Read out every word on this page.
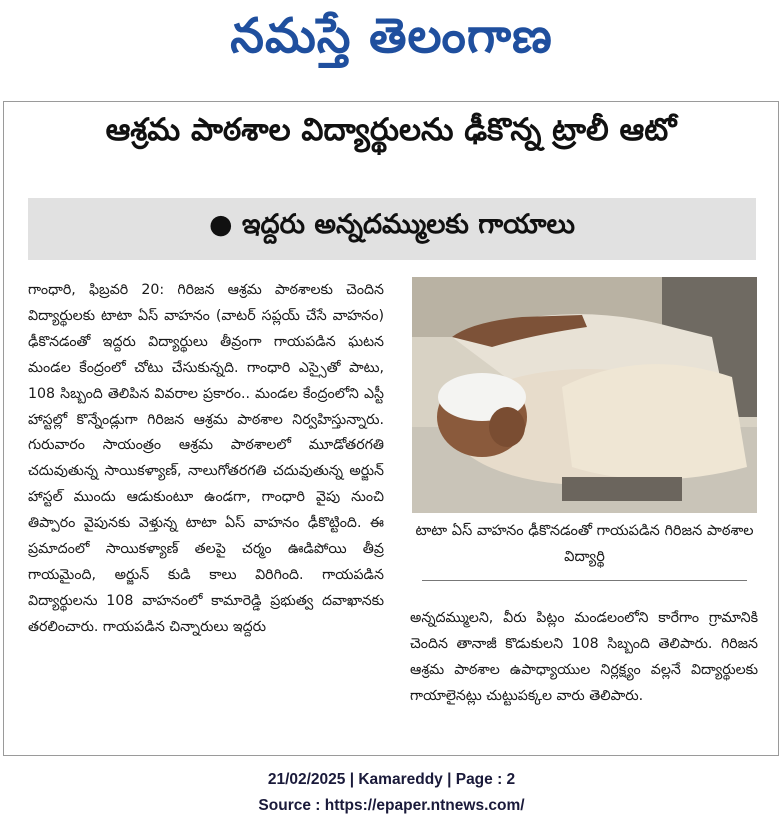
నమస్తే తెలంగాణ
ఆశ్రమ పాఠశాల విద్యార్థులను ఢీకొన్న ట్రాలీ ఆటో
● ఇద్దరు అన్నదమ్ములకు గాయాలు
గాంధారి, ఫిబ్రవరి 20: గిరిజన ఆశ్రమ పాఠశాలకు చెందిన విద్యార్థులకు టాటా ఏస్ వాహనం (వాటర్ సప్లయ్ చేసే వాహనం) ఢీకొనడంతో ఇద్దరు విద్యార్థులు తీవ్రంగా గాయపడిన ఘటన మండల కేంద్రంలో చోటు చేసుకున్నది. గాంధారి ఎస్సైతో పాటు, 108 సిబ్బంది తెలిపిన వివరాల ప్రకారం.. మండల కేంద్రంలోని ఎస్టీ హాస్టల్లో కొన్నేండ్లుగా గిరిజన ఆశ్రమ పాఠశాల నిర్వహిస్తున్నారు. గురువారం సాయంత్రం ఆశ్రమ పాఠశాలలో మూడోతరగతి చదువుతున్న సాయికళ్యాణ్, నాలుగోతరగతి చదువుతున్న అర్జున్ హాస్టల్ ముందు ఆడుకుంటూ ఉండగా, గాంధారి వైపు నుంచి తిప్పారం వైపునకు వెళ్తున్న టాటా ఏస్ వాహనం ఢీకొట్టింది. ఈ ప్రమాదంలో సాయికళ్యాణ్ తలపై చర్మం ఊడిపోయి తీవ్ర గాయమైంది, అర్జున్ కుడి కాలు విరిగింది. గాయపడిన విద్యార్థులను 108 వాహనంలో కామారెడ్డి ప్రభుత్వ దవాఖానకు తరలించారు. గాయపడిన చిన్నారులు ఇద్దరు
టాటా ఏస్ వాహనం ఢీకొనడంతో గాయపడిన గిరిజన పాఠశాల విద్యార్థి
అన్నదమ్ములని, వీరు పిట్లం మండలంలోని కారేగాం గ్రామానికి చెందిన తానాజీ కొడుకులని 108 సిబ్బంది తెలిపారు. గిరిజన ఆశ్రమ పాఠశాల ఉపాధ్యాయుల నిర్లక్ష్యం వల్లనే విద్యార్థులకు గాయాలైనట్లు చుట్టుపక్కల వారు తెలిపారు.
21/02/2025 | Kamareddy | Page : 2
Source : https://epaper.ntnews.com/
